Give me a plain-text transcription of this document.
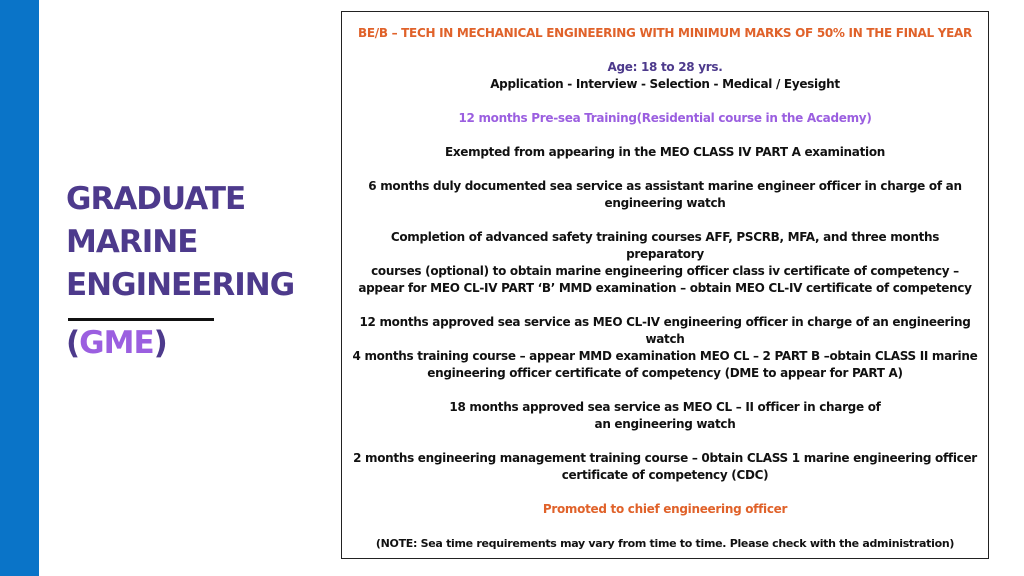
GRADUATE
MARINE
ENGINEERING
(GME)

BE/B – TECH IN MECHANICAL ENGINEERING WITH MINIMUM MARKS OF 50% IN THE FINAL YEAR

Age: 18 to 28 yrs.

Application - Interview - Selection - Medical / Eyesight

12 months Pre-sea Training(Residential course in the Academy)

Exempted from appearing in the MEO CLASS IV PART A examination

6 months duly documented sea service as assistant marine engineer officer in charge of an

engineering watch

Completion of advanced safety training courses AFF, PSCRB, MFA, and three months preparatory

courses (optional) to obtain marine engineering officer class iv certificate of competency –

appear for MEO CL-IV PART ‘B’ MMD examination – obtain MEO CL-IV certificate of competency

12 months approved sea service as MEO CL-IV engineering officer in charge of an engineering

watch

4 months training course – appear MMD examination MEO CL – 2 PART B –obtain CLASS II marine

engineering officer certificate of competency (DME to appear for PART A)

18 months approved sea service as MEO CL – II officer in charge of

an engineering watch

2 months engineering management training course – 0btain CLASS 1 marine engineering officer

certificate of competency (CDC)

Promoted to chief engineering officer

(NOTE: Sea time requirements may vary from time to time. Please check with the administration)
